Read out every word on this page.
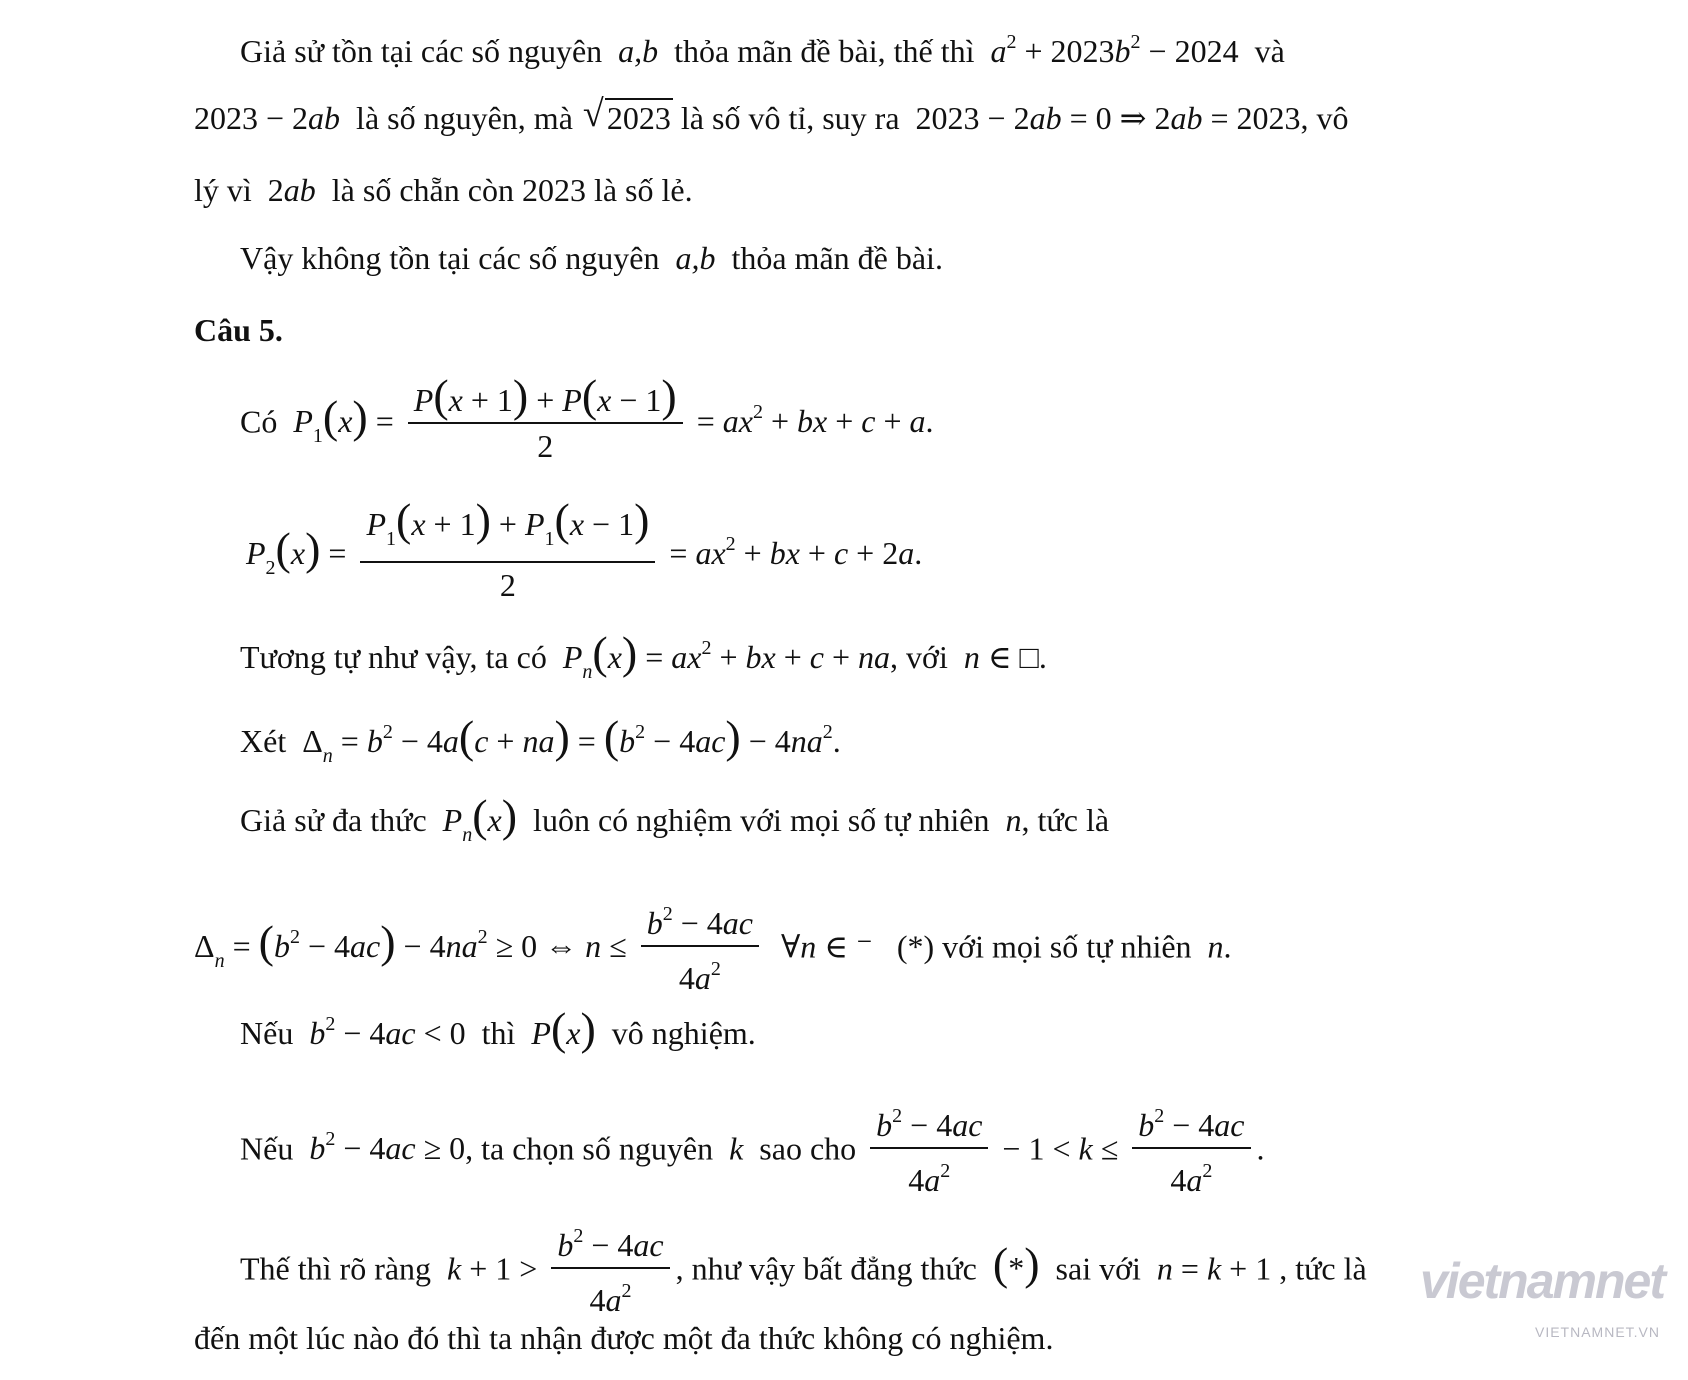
Giả sử tồn tại các số nguyên  a,b  thỏa mãn đề bài, thế thì  $a^2 + 2023b^2 - 2024$ và
2023 − 2ab  là số nguyên, mà √ 2023 là số vô tỉ, suy ra 2023 − 2ab = 0 ⇒ 2ab = 2023, vô
lý vì 2ab  là số chẵn còn 2023 là số lẻ.
Vậy không tồn tại các số nguyên  a,b  thỏa mãn đề bài.
Câu 5.
Có  $P_1(x) = \frac{P(x + 1) + P(x - 1)}{2} = ax^2$ + bx + c + a.
$P_2(x) = \frac{P_1(x + 1) + P_1(x - 1)}{2} = ax^2$ + bx + c + 2a.
Tương tự như vậy, ta có  $P_n(x) = ax^2$ + bx + c + na, với  n ∈ □.
Xét $\Delta_n = b^2 - 4a(c + na) = (b^2 - 4ac) - 4na^2$.
Giả sử đa thức  $P_n(x)$ luôn có nghiệm với mọi số tự nhiên  n, tức là
$\Delta_n = (b^2 - 4ac) - 4na^2 \ge 0$ ⇔ $n \le \frac{b^2 - 4ac}{4a^2}$ ∀n ∈ ⁻   (*) với mọi số tự nhiên  n.
Nếu  $b^2 - 4ac < 0$ thì  P(x) vô nghiệm.
Nếu  $b^2 - 4ac \ge 0$, ta chọn số nguyên  k  sao cho $\frac{b^2 - 4ac}{4a^2} - 1 < k \le \frac{b^2 - 4ac}{4a^2}$ .
Thế thì rõ ràng  $k + 1 > \frac{b^2 - 4ac}{4a^2}$ , như vậy bất đẳng thức (*) sai với  n = k + 1 , tức là
đến một lúc nào đó thì ta nhận được một đa thức không có nghiệm.
vietnamnet
VIETNAMNET.VN
